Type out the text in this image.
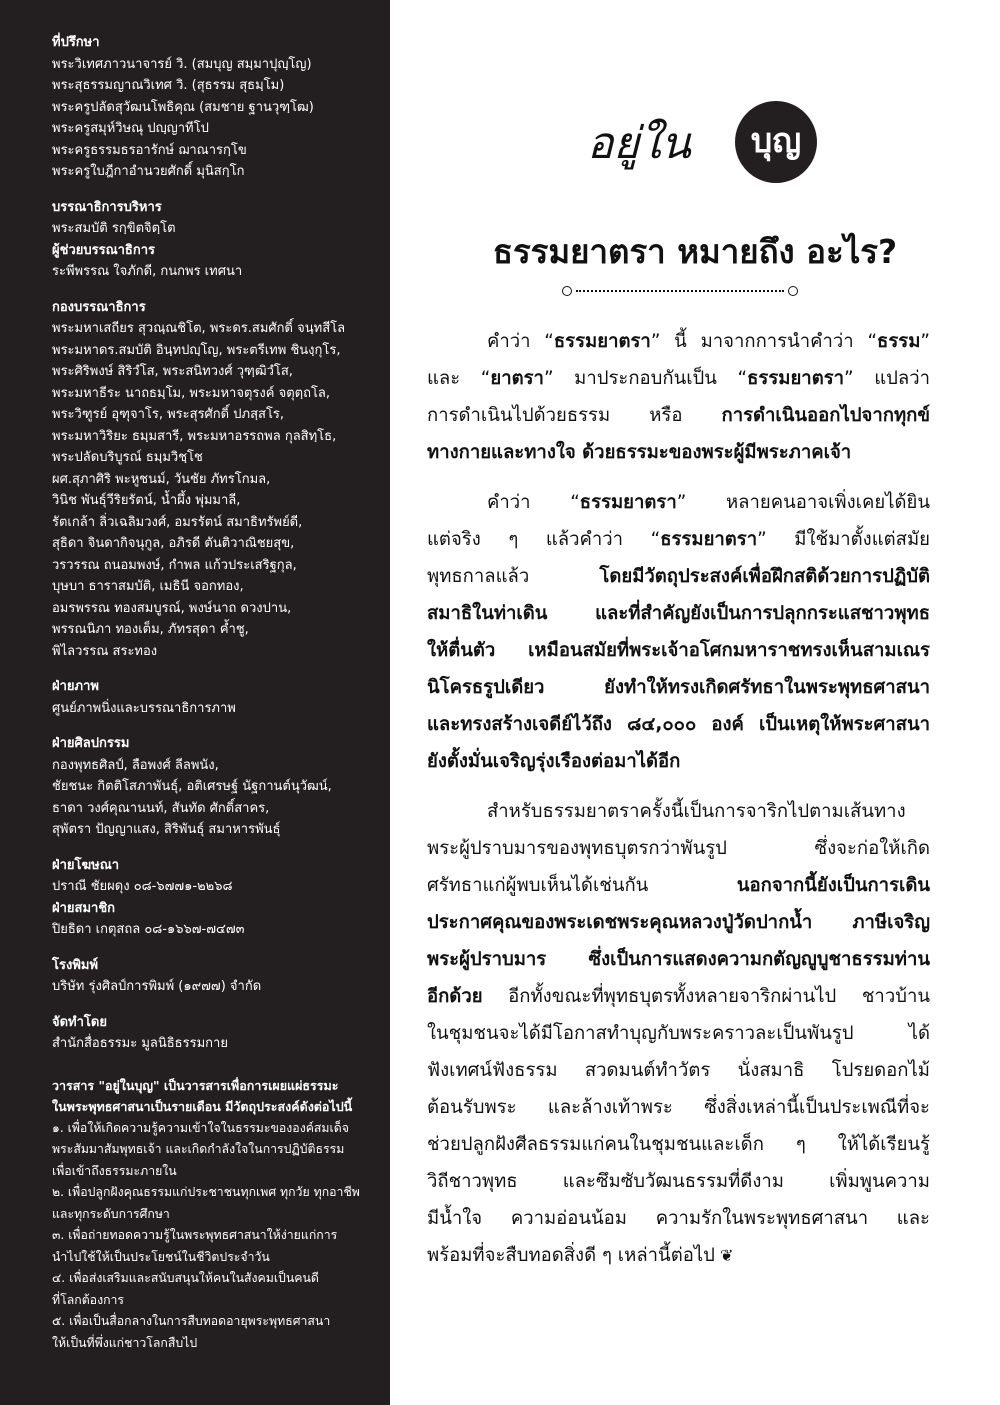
ที่ปรึกษา

พระวิเทศภาวนาจารย์ วิ. (สมบุญ สมฺมาปุญฺโญ)

พระสุธรรมญาณวิเทศ วิ. (สุธรรม สุธมฺโม)

พระครูปลัดสุวัฒนโพธิคุณ (สมชาย ฐานวุฑฺโฒ)

พระครูสมุห์วิษณุ ปญฺญาทีโป

พระครูธรรมธรอารักษ์ ฌาณารกฺโข

พระครูใบฎีกาอำนวยศักดิ์ มุนิสกฺโก

บรรณาธิการบริหาร

พระสมบัติ รกฺขิตจิตฺโต

ผู้ช่วยบรรณาธิการ

ระพีพรรณ ใจภักดี, กนกพร เทศนา

กองบรรณาธิการ

พระมหาเสถียร สุวณฺณชิโต, พระดร.สมศักดิ์ จนฺทสีโล

พระมหาดร.สมบัติ อินฺทปญฺโญ, พระตรีเทพ ชินงฺกุโร,

พระศิริพงษ์ สิริวํโส, พระสนิทวงศ์ วุฑฺฒิวํโส,

พระมหาธีระ นาถธมฺโม, พระมหาจตุรงค์ จตุตฺถโล,

พระวิฑูรย์ อุฑุจาโร, พระสุรศักดิ์ ปภสฺสโร,

พระมหาวิริยะ ธมฺมสารี, พระมหาอรรถพล กุลสิทฺโธ,

พระปลัดบริบูรณ์ ธมฺมวิชฺโช

ผศ.สุภาศิริ พะหูชนม์, วันชัย ภัทรโกมล,

วินิช พันธุ์วีริยรัตน์, น้ำผึ้ง พุ่มมาลี,

รัตเกล้า ลิ่วเฉลิมวงศ์, อมรรัตน์ สมาธิทรัพย์ดี,

สุธิดา จินดากิจนุกูล, อภิรดี ตันติวาณิชยสุข,

วรวรรณ ถนอมพงษ์, กำพล แก้วประเสริฐกุล,

บุษบา ธาราสมบัติ, เมธินี จอกทอง,

อมรพรรณ ทองสมบูรณ์, พงษ์นาถ ดวงปาน,

พรรณนิภา ทองเต็ม, ภัทรสุดา ค้ำชู,

พิไลวรรณ สระทอง

ฝ่ายภาพ

ศูนย์ภาพนิ่งและบรรณาธิการภาพ

ฝ่ายศิลปกรรม

กองพุทธศิลป์, ลือพงศ์ ลีลพนัง,

ชัยชนะ กิตติโสภาพันธุ์, อติเศรษฐ์ นัฐกานต์นุวัฒน์,

ธาดา วงศ์คุณานนท์, สันทัด ศักดิ์สาคร,

สุพัตรา ปัญญาแสง, สิริพันธุ์ สมาหารพันธุ์

ฝ่ายโฆษณา

ปราณี ชัยผดุง ๐๘-๖๗๗๑-๒๒๖๘

ฝ่ายสมาชิก

ปิยธิดา เกตุสถล ๐๘-๑๖๖๗-๗๔๗๓

โรงพิมพ์

บริษัท รุ่งศิลป์การพิมพ์ (๑๙๗๗) จำกัด

จัดทำโดย

สำนักสื่อธรรมะ มูลนิธิธรรมกาย

วารสาร "อยู่ในบุญ" เป็นวารสารเพื่อการเผยแผ่ธรรมะ

ในพระพุทธศาสนาเป็นรายเดือน มีวัตถุประสงค์ดังต่อไปนี้

๑. เพื่อให้เกิดความรู้ความเข้าใจในธรรมะขององค์สมเด็จ

พระสัมมาสัมพุทธเจ้า และเกิดกำลังใจในการปฏิบัติธรรม

เพื่อเข้าถึงธรรมะภายใน

๒. เพื่อปลูกฝังคุณธรรมแก่ประชาชนทุกเพศ ทุกวัย ทุกอาชีพ

และทุกระดับการศึกษา

๓. เพื่อถ่ายทอดความรู้ในพระพุทธศาสนาให้ง่ายแก่การ

นำไปใช้ให้เป็นประโยชน์ในชีวิตประจำวัน

๔. เพื่อส่งเสริมและสนับสนุนให้คนในสังคมเป็นคนดี

ที่โลกต้องการ

๕. เพื่อเป็นสื่อกลางในการสืบทอดอายุพระพุทธศาสนา

ให้เป็นที่พึ่งแก่ชาวโลกสืบไป

อยู่ใน	บุญ
ธรรมยาตรา หมายถึง อะไร?
คำว่า “ธรรมยาตรา” นี้ มาจากการนำคำว่า “ธรรม”
และ “ยาตรา” มาประกอบกันเป็น “ธรรมยาตรา” แปลว่า
การดำเนินไปด้วยธรรม หรือ การดำเนินออกไปจากทุกข์
ทางกายและทางใจ ด้วยธรรมะของพระผู้มีพระภาคเจ้า
คำว่า “ธรรมยาตรา” หลายคนอาจเพิ่งเคยได้ยิน
แต่จริง ๆ แล้วคำว่า “ธรรมยาตรา” มีใช้มาตั้งแต่สมัย
พุทธกาลแล้ว โดยมีวัตถุประสงค์เพื่อฝึกสติด้วยการปฏิบัติ
สมาธิในท่าเดิน และที่สำคัญยังเป็นการปลุกกระแสชาวพุทธ
ให้ตื่นตัว เหมือนสมัยที่พระเจ้าอโศกมหาราชทรงเห็นสามเณร
นิโครธรูปเดียว ยังทำให้ทรงเกิดศรัทธาในพระพุทธศาสนา
และทรงสร้างเจดีย์ไว้ถึง ๘๔,๐๐๐ องค์ เป็นเหตุให้พระศาสนา
ยังตั้งมั่นเจริญรุ่งเรืองต่อมาได้อีก
สำหรับธรรมยาตราครั้งนี้เป็นการจาริกไปตามเส้นทาง
พระผู้ปราบมารของพุทธบุตรกว่าพันรูป ซึ่งจะก่อให้เกิด
ศรัทธาแก่ผู้พบเห็นได้เช่นกัน นอกจากนี้ยังเป็นการเดิน
ประกาศคุณของพระเดชพระคุณหลวงปู่วัดปากน้ำ ภาษีเจริญ
พระผู้ปราบมาร ซึ่งเป็นการแสดงความกตัญญูบูชาธรรมท่าน
อีกด้วย อีกทั้งขณะที่พุทธบุตรทั้งหลายจาริกผ่านไป ชาวบ้าน
ในชุมชนจะได้มีโอกาสทำบุญกับพระคราวละเป็นพันรูป ได้
ฟังเทศน์ฟังธรรม สวดมนต์ทำวัตร นั่งสมาธิ โปรยดอกไม้
ต้อนรับพระ และล้างเท้าพระ ซึ่งสิ่งเหล่านี้เป็นประเพณีที่จะ
ช่วยปลูกฝังศีลธรรมแก่คนในชุมชนและเด็ก ๆ ให้ได้เรียนรู้
วิถีชาวพุทธ และซึมซับวัฒนธรรมที่ดีงาม เพิ่มพูนความ
มีน้ำใจ ความอ่อนน้อม ความรักในพระพุทธศาสนา และ
พร้อมที่จะสืบทอดสิ่งดี ๆ เหล่านี้ต่อไป ❦
